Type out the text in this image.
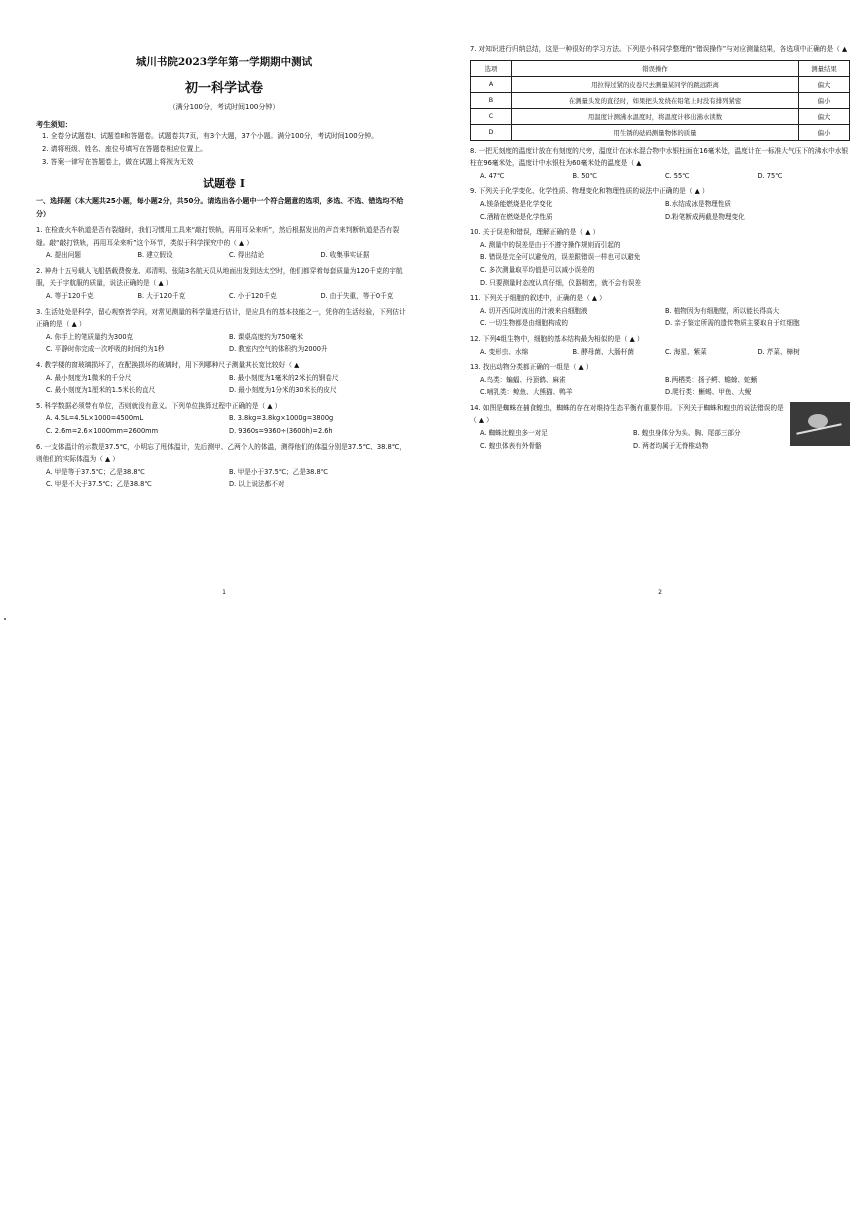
城川书院2023学年第一学期期中测试
初一科学试卷
（满分100分，考试时间100分钟）
考生须知：
1. 全卷分试题卷Ⅰ、试题卷Ⅱ和答题卷。试题卷共7页，有3个大题，37个小题。满分100分，考试时间100分钟。
2. 请将班级、姓名、座位号填写在答题卷相应位置上。
3. 答案一律写在答题卷上，做在试题上将视为无效
试题卷 I
一、选择题（本大题共25小题，每小题2分，共50分。请选出各小题中一个符合题意的选项，多选、不选、错选均不给分）
1. 在检查火车轨道是否有裂缝时，我们习惯用工具来“敲打铁轨，再用耳朵来听”，然后根据发出的声音来判断轨道是否有裂缝。敲“敲打铁轨，再用耳朵来听”这个环节，类似于科学探究中的（ ▲ ）
A. 提出问题	B. 建立假设	C. 得出结论	D. 收集事实证据
2. 神舟十五号载人飞船搭载费俊龙、邓清明、张陆3名航天员从地面出发到达太空时，他们都穿着每套质量为120千克的宇航服，关于宇航服的质量，说法正确的是（ ▲ ）
A. 等于120千克	B. 大于120千克	C. 小于120千克	D. 由于失重，等于0千克
3. 生活处处是科学，留心观察皆学问，对常见测量的科学量进行估计，是应具有的基本技能之一，凭你的生活经验，下列估计正确的是（ ▲ ）
A. 你手上的笔质量约为300克	B. 课桌高度约为750毫米
C. 平静时你完成一次呼吸的时间约为1秒	D. 教室内空气的体积约为2000升
4. 教学楼的窗玻璃损坏了，在配换损坏的玻璃时，用下列哪种尺子测量其长宽比较好（ ▲
A. 最小刻度为1微米的千分尺	B. 最小刻度为1毫米的2米长的钢卷尺
C. 最小刻度为1厘米的1.5米长的直尺	D. 最小刻度为1分米的30米长的皮尺
5. 科学数据必须带有单位，否则就没有意义。下列单位换算过程中正确的是（ ▲ ）
A. 4.5L=4.5L×1000=4500mL	B. 3.8kg=3.8kg×1000g=3800g
C. 2.6m=2.6×1000mm=2600mm	D. 9360s=9360÷(3600h)=2.6h
6. 一支体温计的示数是37.5℃，小明忘了甩体温计，先后测甲、乙两个人的体温，测得他们的体温分别是37.5℃、38.8℃，则他们的实际体温为（ ▲ ）
A. 甲是等于37.5℃；乙是38.8℃	B. 甲是小于37.5℃；乙是38.8℃
C. 甲是不大于37.5℃；乙是38.8℃	D. 以上说法都不对
1
7. 对知识进行归纳总结，这是一种很好的学习方法。下列是小科同学整理的“错误操作”与对应测量结果，各选项中正确的是（ ▲
选项	错误操作	测量结果
A	用拉得过紧的皮卷尺去测量某同学的跳远距离	偏大
B	在测量头发的直径时，如果把头发绕在铅笔上时没有排列紧密	偏小
C	用温度计测沸水温度时，将温度计移出沸水读数	偏大
D	用生锈的砝码测量物体的质量	偏小
8. 一把无刻度的温度计放在有刻度的尺旁，温度计在冰水混合物中水银柱面在16毫米处，温度计在一标准大气压下的沸水中水银柱在96毫米处，温度计中水银柱为60毫米处的温度是（ ▲
A. 47℃	B. 50℃	C. 55℃	D. 75℃
9. 下列关于化学变化、化学性质、物理变化和物理性质的说法中正确的是（ ▲ ）
A.镁条能燃烧是化学变化	B.水结成冰是物理性质
C.酒精在燃烧是化学性质	D.粉笔断成两截是物理变化
10. 关于误差和错误，理解正确的是（ ▲ ）
A. 测量中的误差是由于不遵守操作规则而引起的
B. 错误是完全可以避免的，误差跟错误一样也可以避免
C. 多次测量取平均值是可以减小误差的
D. 只要测量时态度认真仔细，仪器精密，就不会有误差
11. 下列关于细胞的叙述中，正确的是（ ▲ ）
A. 切开西瓜时流出的汁液来自细胞液	B. 植物因为有细胞壁，所以能长得高大
C. 一切生物都是由细胞构成的	D. 亲子鉴定所需的遗传物质主要取自于红细胞
12. 下列4组生物中，细胞的基本结构最为相似的是（ ▲ ）
A. 变形虫、水绵	B. 酵母菌、大肠杆菌	C. 海星、紫菜	D. 芹菜、樟树
13. 找出动物分类都正确的一组是（ ▲ ）
A.鸟类：蝙蝠、丹顶鹤、麻雀	B.两栖类：扬子鳄、蟾蜍、蛇蜥
C.哺乳类：鲸鱼、大熊猫、鸭羊	D.爬行类：蜥蜴、甲鱼、大鲵
14. 如图是蜘蛛在捕食蝗虫，蜘蛛的存在对维持生态平衡有重要作用。下列关于蜘蛛和蝗虫的说法错误的是（ ▲ ）
A. 蜘蛛比蝗虫多一对足	B. 蝗虫身体分为头、胸、尾部三部分
C. 蝗虫体表有外骨骼	D. 两者均属于无脊椎动物
2
